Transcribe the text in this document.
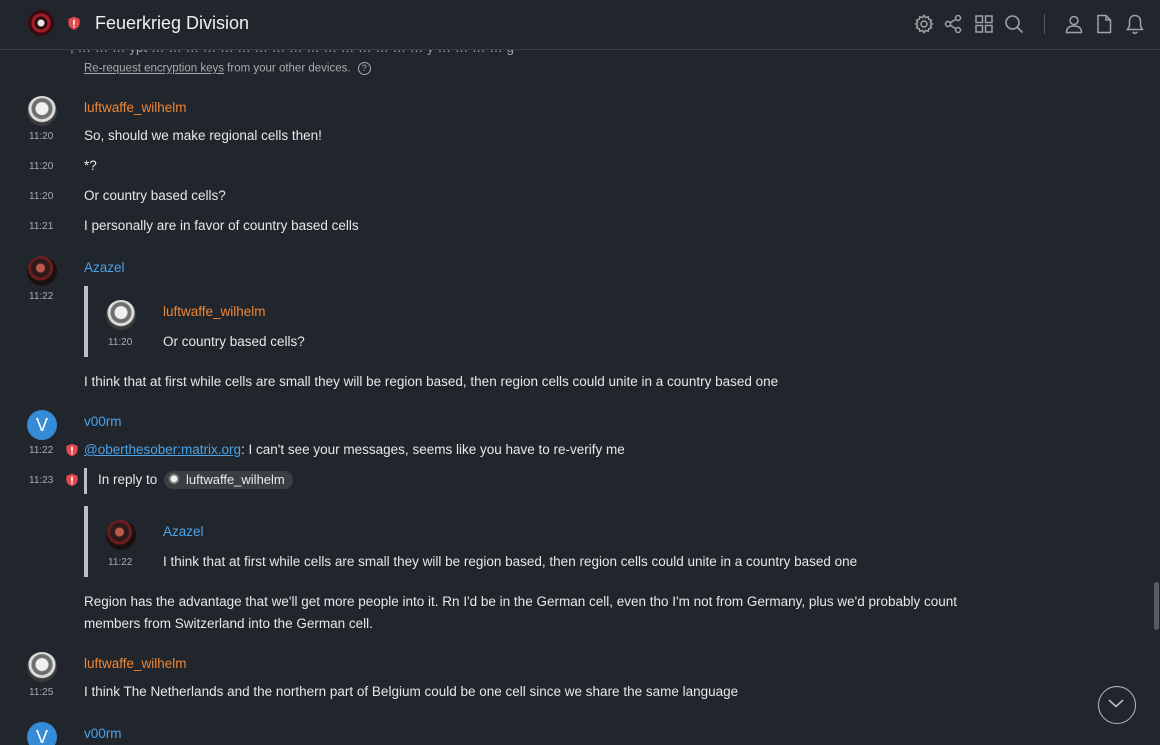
Re-request encryption keys from your other devices. ?
luftwaffe_wilhelm
11:20 So, should we make regional cells then!
11:20 *?
11:20 Or country based cells?
11:21 I personally are in favor of country based cells
Azazel
11:22
luftwaffe_wilhelm
11:20 Or country based cells?
I think that at first while cells are small they will be region based, then region cells could unite in a country based one
V	v00rm
11:22 @oberthesober:matrix.org: I can't see your messages, seems like you have to re-verify me
11:23	In reply to	luftwaffe_wilhelm
Azazel
11:22 I think that at first while cells are small they will be region based, then region cells could unite in a country based one
Region has the advantage that we'll get more people into it. Rn I'd be in the German cell, even tho I'm not from Germany, plus we'd probably count
members from Switzerland into the German cell.
luftwaffe_wilhelm
11:25 I think The Netherlands and the northern part of Belgium could be one cell since we share the same language
V	v00rm
Feuerkrieg Division
